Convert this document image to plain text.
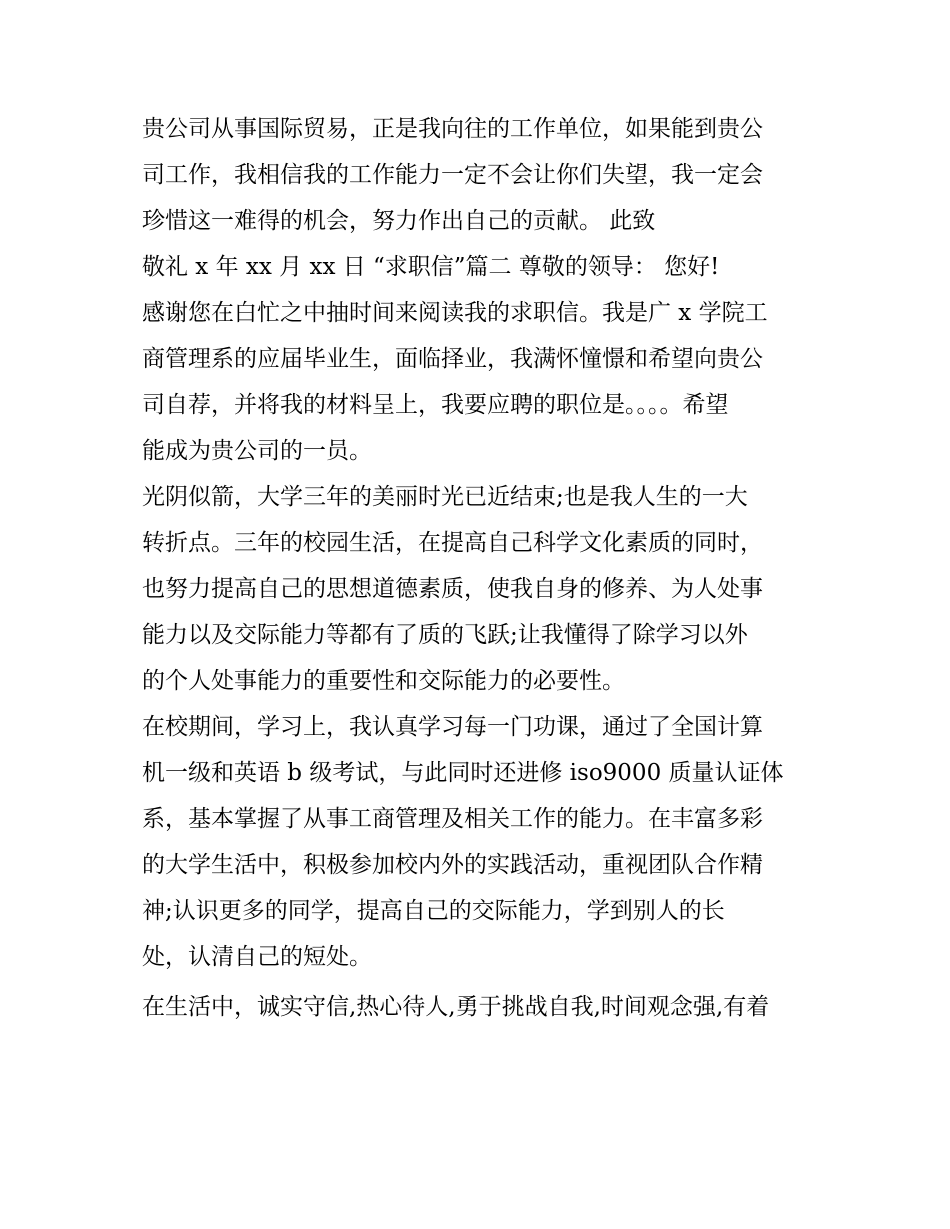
贵公司从事国际贸易，正是我向往的工作单位，如果能到贵公
司工作，我相信我的工作能力一定不会让你们失望，我一定会
珍惜这一难得的机会，努力作出自己的贡献。 此致
敬礼 x 年 xx 月 xx 日 “求职信”篇二 尊敬的领导： 您好!
感谢您在白忙之中抽时间来阅读我的求职信。我是广 x 学院工
商管理系的应届毕业生，面临择业，我满怀憧憬和希望向贵公
司自荐，并将我的材料呈上，我要应聘的职位是。。。。希望
能成为贵公司的一员。
光阴似箭，大学三年的美丽时光已近结束;也是我人生的一大
转折点。三年的校园生活，在提高自己科学文化素质的同时，
也努力提高自己的思想道德素质，使我自身的修养、为人处事
能力以及交际能力等都有了质的飞跃;让我懂得了除学习以外
的个人处事能力的重要性和交际能力的必要性。
在校期间，学习上，我认真学习每一门功课，通过了全国计算
机一级和英语 b 级考试，与此同时还进修 iso9000 质量认证体
系，基本掌握了从事工商管理及相关工作的能力。在丰富多彩
的大学生活中，积极参加校内外的实践活动，重视团队合作精
神;认识更多的同学，提高自己的交际能力，学到别人的长
处，认清自己的短处。
在生活中，诚实守信,热心待人,勇于挑战自我,时间观念强,有着
